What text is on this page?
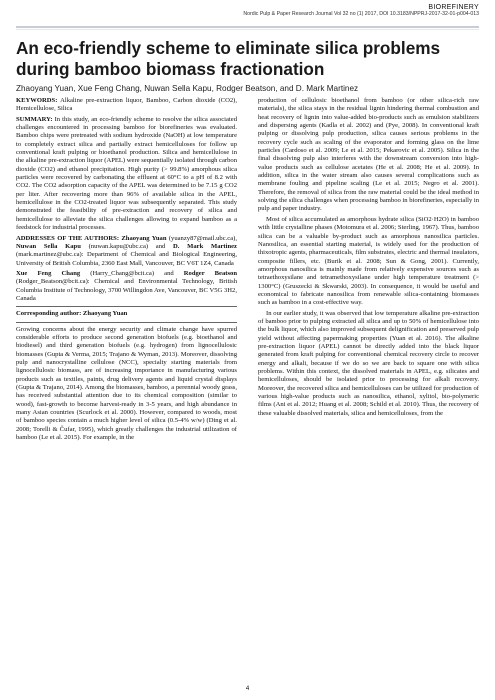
BIOREFINERY
Nordic Pulp & Paper Research Journal Vol 32 no (1) 2017, DOI 10.3183/NPPRJ-2017-32-01-p004-013
An eco-friendly scheme to eliminate silica problems during bamboo biomass fractionation
Zhaoyang Yuan, Xue Feng Chang, Nuwan Sella Kapu, Rodger Beatson, and D. Mark Martinez

KEYWORDS: Alkaline pre-extraction liquor, Bamboo, Carbon dioxide (CO2), Hemicellulose, Silica

SUMMARY: In this study, an eco-friendly scheme to resolve the silica associated challenges encountered in processing bamboo for biorefineries was evaluated. Bamboo chips were pretreated with sodium hydroxide (NaOH) at low temperature to completely extract silica and partially extract hemicelluloses for follow up conventional kraft pulping or bioethanol production. Silica and hemicellulose in the alkaline pre-extraction liquor (APEL) were sequentially isolated through carbon dioxide (CO2) and ethanol precipitation. High purity (> 99.8%) amorphous silica particles were recovered by carbonating the effluent at 60°C to a pH of 8.2 with CO2. The CO2 adsorption capacity of the APEL was determined to be 7.15 g CO2 per liter. After recovering more than 96% of available silica in the APEL, hemicellulose in the CO2-treated liquor was subsequently separated. This study demonstrated the feasibility of pre-extraction and recovery of silica and hemicellulose to alleviate the silica challenges allowing to expand bamboo as a feedstock for industrial processes.

ADDRESSES OF THE AUTHORS: Zhaoyang Yuan (yuanzy87@mail.ubc.ca), Nuwan Sella Kapu (nuwan.kapu@ubc.ca) and D. Mark Martinez (mark.martinez@ubc.ca): Department of Chemical and Biological Engineering, University of British Columbia, 2360 East Mall, Vancouver, BC V6T 1Z4, Canada

Xue Feng Chang (Harry_Chang@bcit.ca) and Rodger Beatson (Rodger_Beatson@bcit.ca): Chemical and Environmental Technology, British Columbia Institute of Technology, 3700 Willingdon Ave, Vancouver, BC V5G 3H2, Canada

Corresponding author: Zhaoyang Yuan

Growing concerns about the energy security and climate change have spurred considerable efforts to produce second generation biofuels (e.g. bioethanol and biodiesel) and third generation biofuels (e.g. hydrogen) from lignocellulosic biomasses (Gupta & Verma, 2015; Trajano & Wyman, 2013). Moreover, dissolving pulp and nanocrystalline cellulose (NCC), specialty starting materials from lignocellulosic biomass, are of increasing importance in manufacturing various products such as textiles, paints, drug delivery agents and liquid crystal displays (Gupta & Trajano, 2014). Among the biomasses, bamboo, a perennial woody grass, has received substantial attention due to its chemical composition (similar to wood), fast-growth to become harvest-ready in 3-5 years, and high abundance in many Asian countries (Scurlock et al. 2000). However, compared to woods, most of bamboo species contain a much higher level of silica (0.5-4% w/w) (Ding et al. 2008; Torelli & Čufar, 1995), which greatly challenges the industrial utilization of bamboo (Le et al. 2015). For example, in the

production of cellulosic bioethanol from bamboo (or other silica-rich raw materials), the silica stays in the residual lignin hindering thermal combustion and heat recovery of lignin into value-added bio-products such as emulsion stabilizers and dispersing agents (Kadla et al. 2002) and (Pye, 2008). In conventional kraft pulping or dissolving pulp production, silica causes serious problems in the recovery cycle such as scaling of the evaporator and forming glass on the lime particles (Cardoso et al. 2009; Le et al. 2015; Pekarovic et al. 2005). Silica in the final dissolving pulp also interferes with the downstream conversion into high-value products such as cellulose acetates (He et al. 2008; He et al. 2009). In addition, silica in the water stream also causes several complications such as membrane fouling and pipeline scaling (Le et al. 2015; Negro et al. 2001). Therefore, the removal of silica from the raw material could be the ideal method in solving the silica challenges when processing bamboo in biorefineries, especially in pulp and paper industry.

Most of silica accumulated as amorphous hydrate silica (SiO2·H2O) in bamboo with little crystalline phases (Motomura et al. 2006; Sterling, 1967). Thus, bamboo silica can be a valuable by-product such as amorphous nanosilica particles. Nanosilica, an essential starting material, is widely used for the production of thixotropic agents, pharmaceuticals, film substrates, electric and thermal insulators, composite fillers, etc. (Burik et al. 2008; Sun & Gong, 2001). Currently, amorphous nanosilica is mainly made from relatively expensive sources such as tetraethoxysilane and tetramethoxysilane under high temperature treatment (> 1300°C) (Gruszecki & Skwarski, 2003). In consequence, it would be useful and economical to fabricate nanosilica from renewable silica-containing biomasses such as bamboo in a cost-effective way.

In our earlier study, it was observed that low temperature alkaline pre-extraction of bamboo prior to pulping extracted all silica and up to 50% of hemicellulose into the bulk liquor, which also improved subsequent delignification and preserved pulp yield without affecting papermaking properties (Yuan et al. 2016). The alkaline pre-extraction liquor (APEL) cannot be directly added into the black liquor generated from kraft pulping for conventional chemical recovery circle to recover energy and alkali, because if we do so we are back to square one with silica problems. Within this context, the dissolved materials in APEL, e.g. silicates and hemicelluloses, should be isolated prior to processing for alkali recovery. Moreover, the recovered silica and hemicelluloses can be utilized for production of various high-value products such as nanosilica, ethanol, xylitol, bio-polymeric films (Ani et al. 2012; Huang et al. 2008; Schild et al. 2010). Thus, the recovery of these valuable dissolved materials, silica and hemicelluloses, from the

4
